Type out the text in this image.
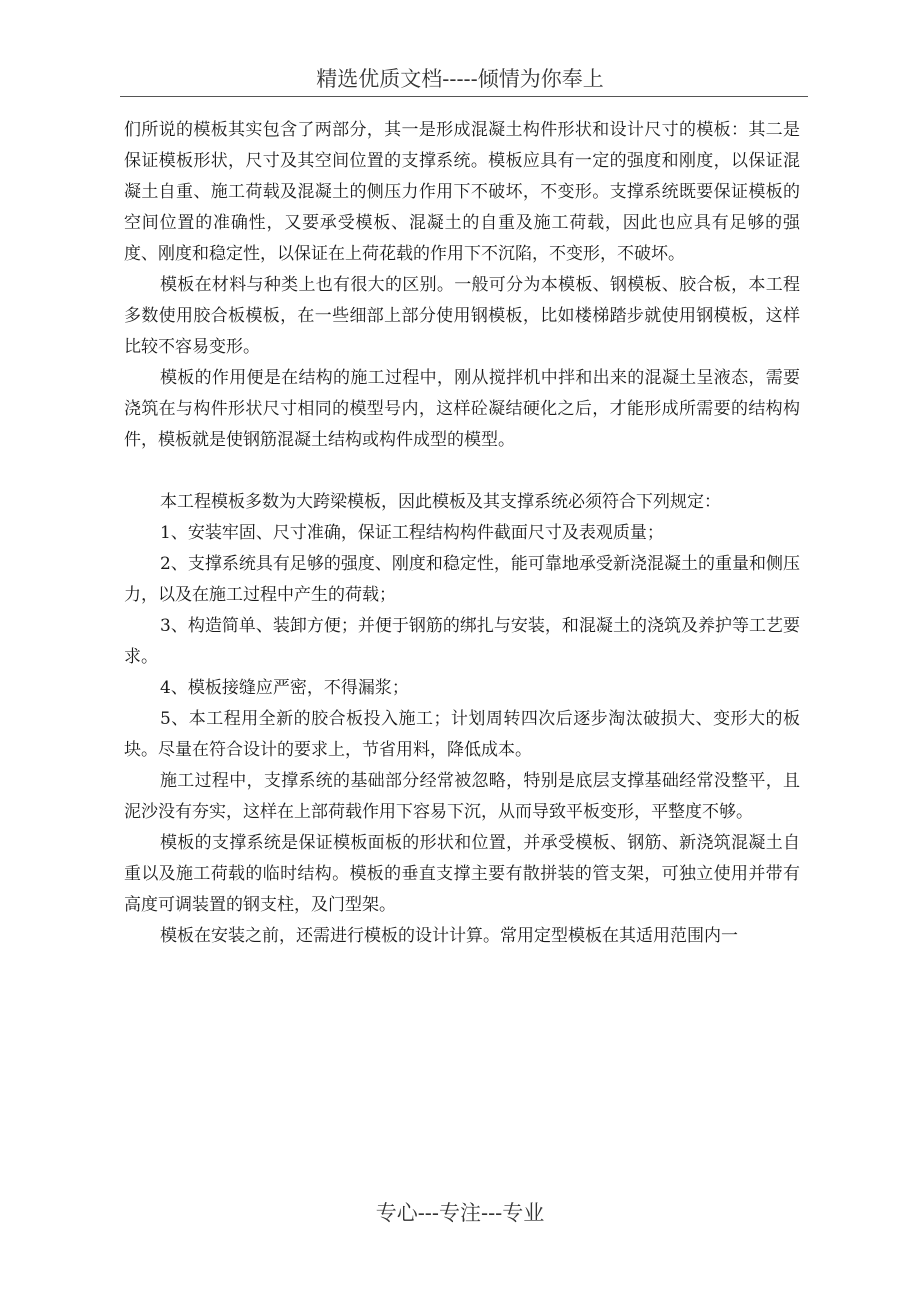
精选优质文档-----倾情为你奉上

们所说的模板其实包含了两部分，其一是形成混凝土构件形状和设计尺寸的模板：其二是保证模板形状，尺寸及其空间位置的支撑系统。模板应具有一定的强度和刚度，以保证混凝土自重、施工荷载及混凝土的侧压力作用下不破坏，不变形。支撑系统既要保证模板的空间位置的准确性，又要承受模板、混凝土的自重及施工荷载，因此也应具有足够的强度、刚度和稳定性，以保证在上荷花载的作用下不沉陷，不变形，不破坏。

模板在材料与种类上也有很大的区别。一般可分为本模板、钢模板、胶合板，本工程多数使用胶合板模板，在一些细部上部分使用钢模板，比如楼梯踏步就使用钢模板，这样比较不容易变形。

模板的作用便是在结构的施工过程中，刚从搅拌机中拌和出来的混凝土呈液态，需要浇筑在与构件形状尺寸相同的模型号内，这样砼凝结硬化之后，才能形成所需要的结构构件，模板就是使钢筋混凝土结构或构件成型的模型。

本工程模板多数为大跨梁模板，因此模板及其支撑系统必须符合下列规定：

1、安装牢固、尺寸准确，保证工程结构构件截面尺寸及表观质量；

2、支撑系统具有足够的强度、刚度和稳定性，能可靠地承受新浇混凝土的重量和侧压力，以及在施工过程中产生的荷载；

3、构造简单、装卸方便；并便于钢筋的绑扎与安装，和混凝土的浇筑及养护等工艺要求。

4、模板接缝应严密，不得漏浆；

5、本工程用全新的胶合板投入施工；计划周转四次后逐步淘汰破损大、变形大的板块。尽量在符合设计的要求上，节省用料，降低成本。

施工过程中，支撑系统的基础部分经常被忽略，特别是底层支撑基础经常没整平，且泥沙没有夯实，这样在上部荷载作用下容易下沉，从而导致平板变形，平整度不够。

模板的支撑系统是保证模板面板的形状和位置，并承受模板、钢筋、新浇筑混凝土自重以及施工荷载的临时结构。模板的垂直支撑主要有散拼装的管支架，可独立使用并带有高度可调装置的钢支柱，及门型架。

模板在安装之前，还需进行模板的设计计算。常用定型模板在其适用范围内一

专心---专注---专业
